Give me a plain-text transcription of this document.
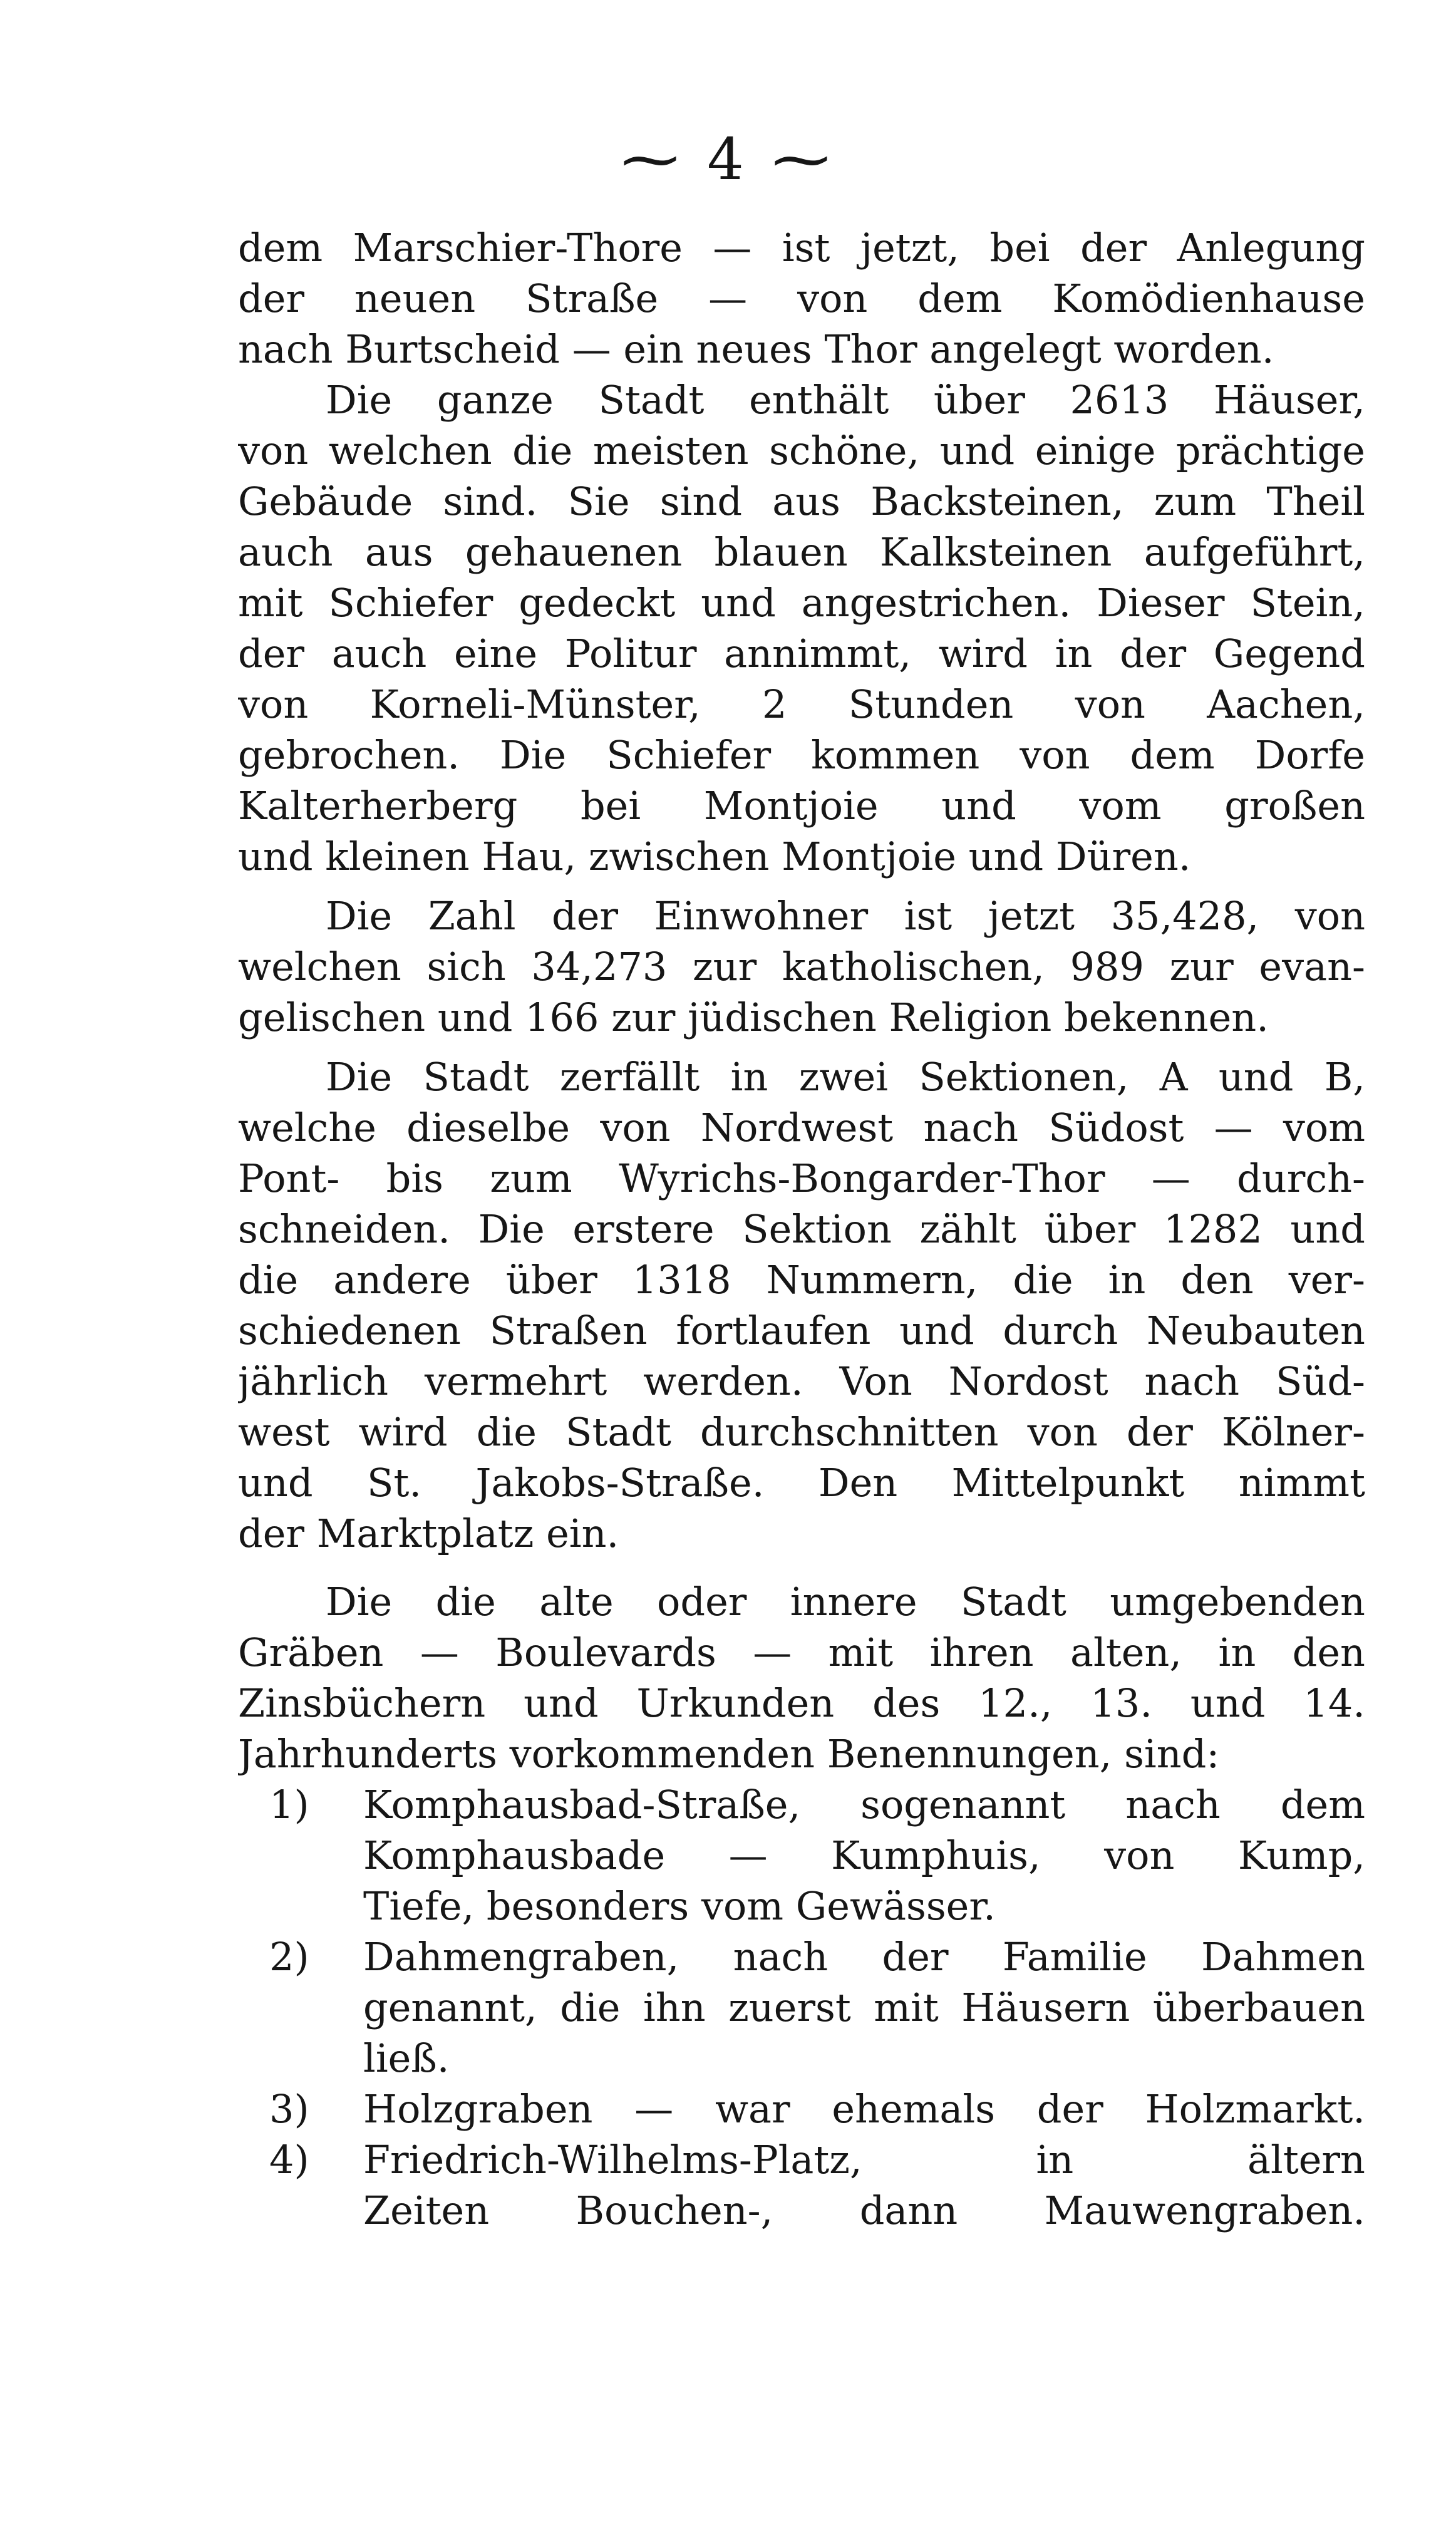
⁓ 4 ⁓
dem Marschier-Thore — ist jetzt, bei der Anlegung
der neuen Straße — von dem Komödienhause
nach Burtscheid — ein neues Thor angelegt worden.
Die ganze Stadt enthält über 2613 Häuser,
von welchen die meisten schöne, und einige prächtige
Gebäude sind. Sie sind aus Backsteinen, zum Theil
auch aus gehauenen blauen Kalksteinen aufgeführt,
mit Schiefer gedeckt und angestrichen. Dieser Stein,
der auch eine Politur annimmt, wird in der Gegend
von Korneli-Münster, 2 Stunden von Aachen,
gebrochen. Die Schiefer kommen von dem Dorfe
Kalterherberg bei Montjoie und vom großen
und kleinen Hau, zwischen Montjoie und Düren.
Die Zahl der Einwohner ist jetzt 35,428, von
welchen sich 34,273 zur katholischen, 989 zur evan-
gelischen und 166 zur jüdischen Religion bekennen.
Die Stadt zerfällt in zwei Sektionen, A und B,
welche dieselbe von Nordwest nach Südost — vom
Pont- bis zum Wyrichs-Bongarder-Thor — durch-
schneiden. Die erstere Sektion zählt über 1282 und
die andere über 1318 Nummern, die in den ver-
schiedenen Straßen fortlaufen und durch Neubauten
jährlich vermehrt werden. Von Nordost nach Süd-
west wird die Stadt durchschnitten von der Kölner-
und St. Jakobs-Straße. Den Mittelpunkt nimmt
der Marktplatz ein.
Die die alte oder innere Stadt umgebenden
Gräben — Boulevards — mit ihren alten, in den
Zinsbüchern und Urkunden des 12., 13. und 14.
Jahrhunderts vorkommenden Benennungen, sind:
1)	Komphausbad-Straße, sogenannt nach dem
Komphausbade — Kumphuis, von Kump,
Tiefe, besonders vom Gewässer.
2)	Dahmengraben, nach der Familie Dahmen
genannt, die ihn zuerst mit Häusern überbauen
ließ.
3)	Holzgraben — war ehemals der Holzmarkt.
4)	Friedrich-Wilhelms-Platz, in ältern
Zeiten Bouchen-, dann Mauwengraben.
